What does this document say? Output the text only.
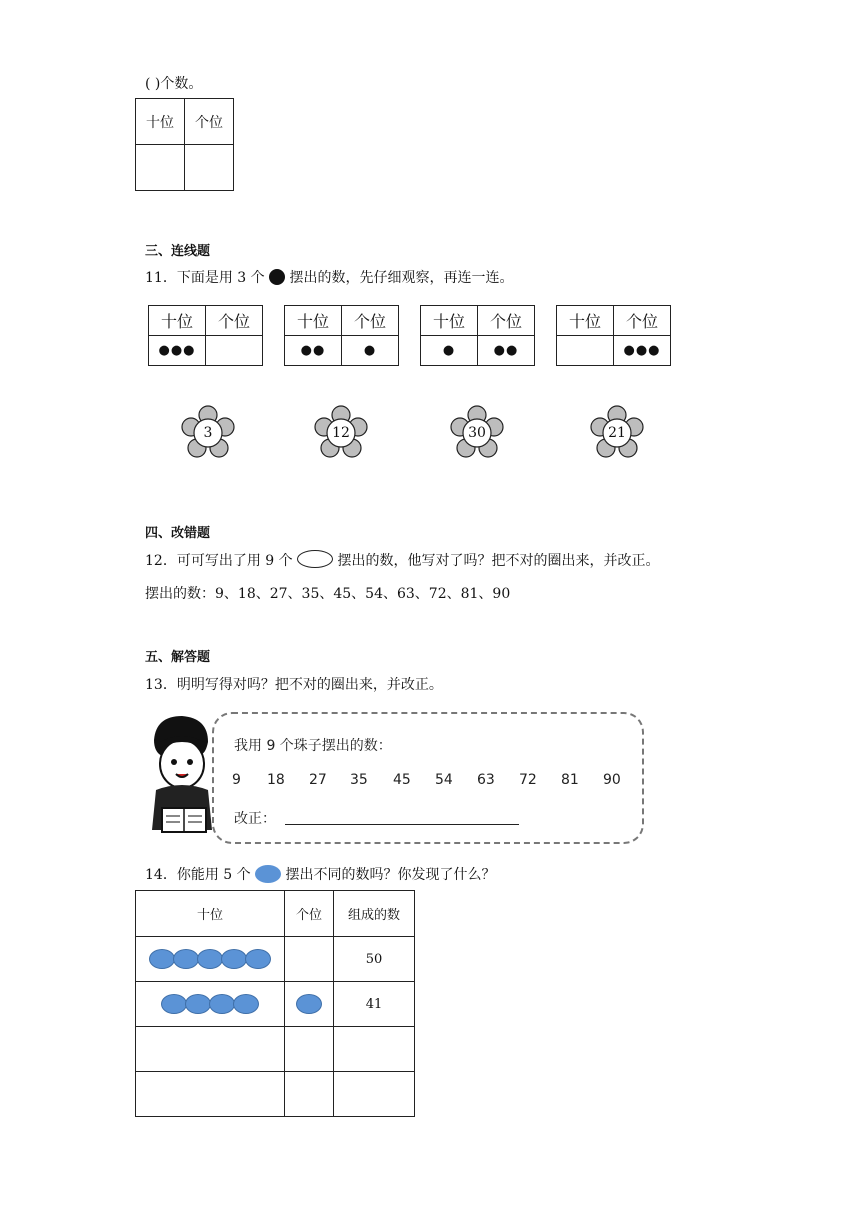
( )个数。
十位	个位

三、连线题
11．下面是用 3 个 摆出的数，先仔细观察，再连一连。
十位	个位
●●●	
十位	个位
●●	●
十位	个位
●	●●
十位	个位
	●●●
3	12	30	21
四、改错题
12．可可写出了用 9 个	摆出的数，他写对了吗？把不对的圈出来，并改正。
摆出的数：9、18、27、35、45、54、63、72、81、90
五、解答题
13．明明写得对吗？把不对的圈出来，并改正。
我用 9 个珠子摆出的数：
9 18 27 35 45 54 63 72 81 90
改正：
14．你能用 5 个 摆出不同的数吗？你发现了什么？
十位	个位	组成的数
		50
		41
